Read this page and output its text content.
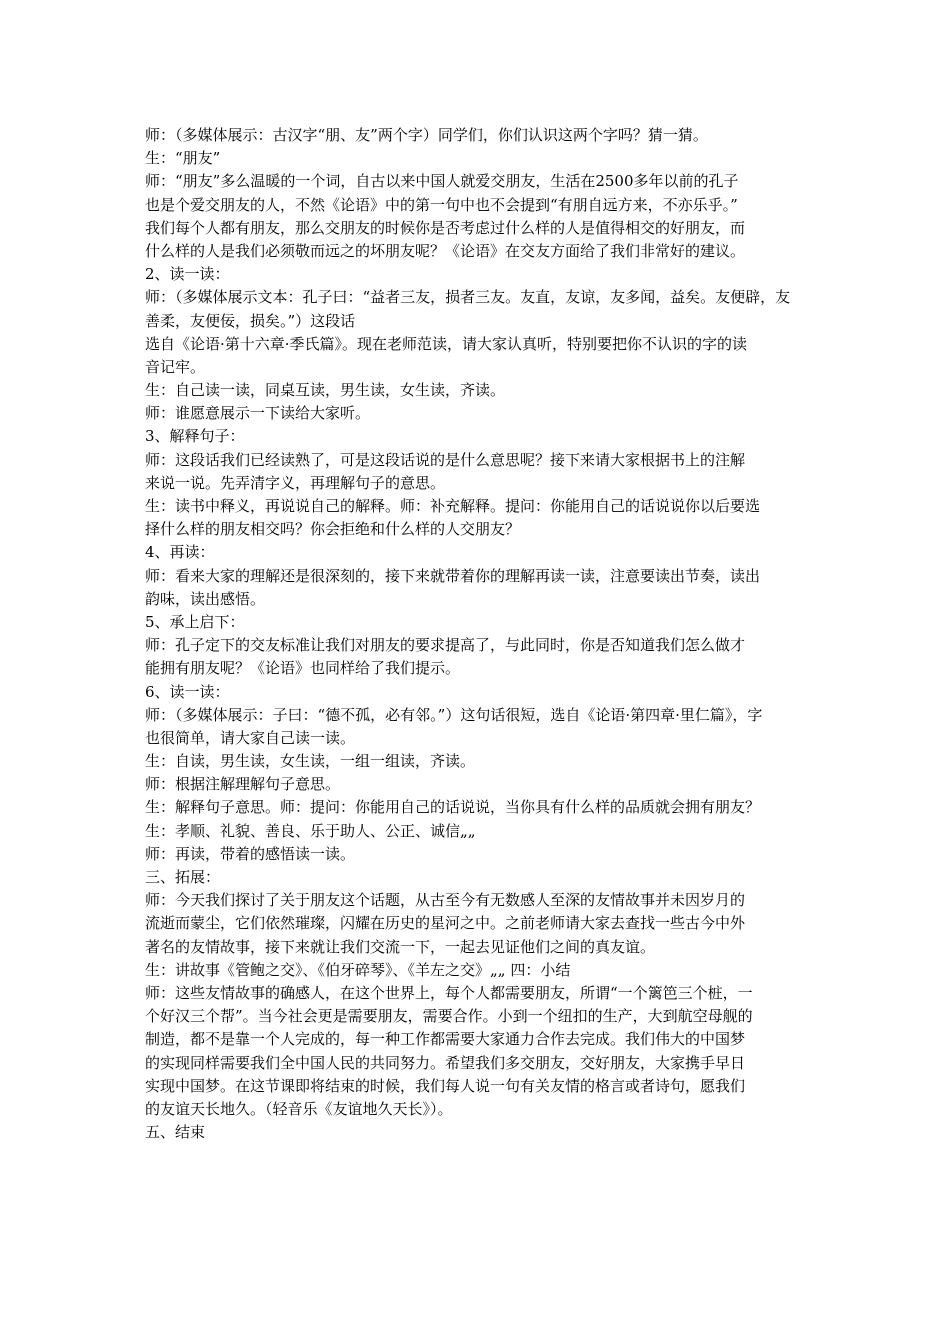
师：（多媒体展示：古汉字“朋、友”两个字）同学们，你们认识这两个字吗？猜一猜。

生：“朋友”

师：“朋友”多么温暖的一个词，自古以来中国人就爱交朋友，生活在2500多年以前的孔子

也是个爱交朋友的人，不然《论语》中的第一句中也不会提到“有朋自远方来，不亦乐乎。”

我们每个人都有朋友，那么交朋友的时候你是否考虑过什么样的人是值得相交的好朋友，而

什么样的人是我们必须敬而远之的坏朋友呢？《论语》在交友方面给了我们非常好的建议。

2、读一读：

师：（多媒体展示文本：孔子曰：“益者三友，损者三友。友直，友谅，友多闻，益矣。友便辟，友

善柔，友便佞，损矣。”）这段话

选自《论语·第十六章·季氏篇》。现在老师范读，请大家认真听，特别要把你不认识的字的读

音记牢。

生：自己读一读，同桌互读，男生读，女生读，齐读。

师：谁愿意展示一下读给大家听。

3、解释句子：

师：这段话我们已经读熟了，可是这段话说的是什么意思呢？接下来请大家根据书上的注解

来说一说。先弄清字义，再理解句子的意思。

生：读书中释义，再说说自己的解释。师：补充解释。提问：你能用自己的话说说你以后要选

择什么样的朋友相交吗？你会拒绝和什么样的人交朋友？

4、再读：

师：看来大家的理解还是很深刻的，接下来就带着你的理解再读一读，注意要读出节奏，读出

韵味，读出感悟。

5、承上启下：

师：孔子定下的交友标准让我们对朋友的要求提高了，与此同时，你是否知道我们怎么做才

能拥有朋友呢？《论语》也同样给了我们提示。

6、读一读：

师：（多媒体展示：子曰：“德不孤，必有邻。”）这句话很短，选自《论语·第四章·里仁篇》，字

也很简单，请大家自己读一读。

生：自读，男生读，女生读，一组一组读，齐读。

师：根据注解理解句子意思。

生：解释句子意思。师：提问：你能用自己的话说说，当你具有什么样的品质就会拥有朋友？

生：孝顺、礼貌、善良、乐于助人、公正、诚信„„

师：再读，带着的感悟读一读。

三、拓展：

师：今天我们探讨了关于朋友这个话题，从古至今有无数感人至深的友情故事并未因岁月的

流逝而蒙尘，它们依然璀璨，闪耀在历史的星河之中。之前老师请大家去查找一些古今中外

著名的友情故事，接下来就让我们交流一下，一起去见证他们之间的真友谊。

生：讲故事《管鲍之交》、《伯牙碎琴》、《羊左之交》„„ 四：小结

师：这些友情故事的确感人，在这个世界上，每个人都需要朋友，所谓“一个篱笆三个桩，一

个好汉三个帮”。当今社会更是需要朋友，需要合作。小到一个纽扣的生产，大到航空母舰的

制造，都不是靠一个人完成的，每一种工作都需要大家通力合作去完成。我们伟大的中国梦

的实现同样需要我们全中国人民的共同努力。希望我们多交朋友，交好朋友，大家携手早日

实现中国梦。在这节课即将结束的时候，我们每人说一句有关友情的格言或者诗句，愿我们

的友谊天长地久。（轻音乐《友谊地久天长》）。

五、结束
